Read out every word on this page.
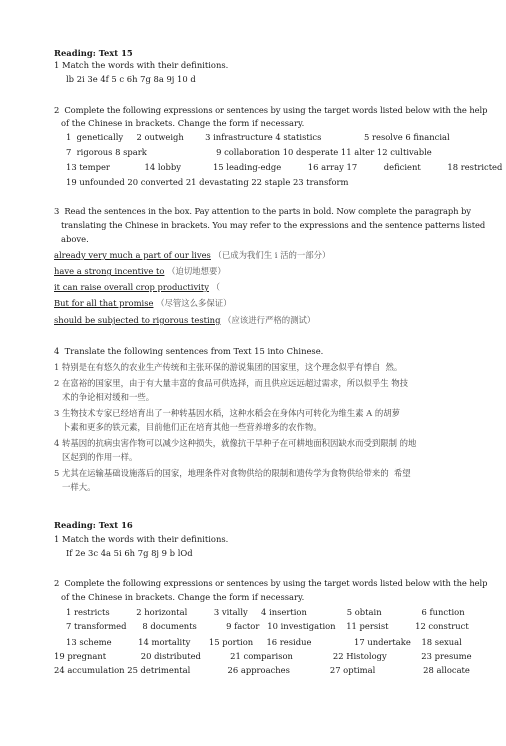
Reading: Text 15
1 Match the words with their definitions.
lb 2i 3e 4f 5 c 6h 7g 8a 9j 10 d
2  Complete the following expressions or sentences by using the target words listed below with the help
of the Chinese in brackets. Change the form if necessary.
1  genetically     2 outweigh        3 infrastructure 4 statistics                5 resolve 6 financial
7  rigorous 8 spark                          9 collaboration 10 desperate 11 alter 12 cultivable
13 temper             14 lobby            15 leading-edge          16 array 17          deficient          18 restricted
19 unfounded 20 converted 21 devastating 22 staple 23 transform
3  Read the sentences in the box. Pay attention to the parts in bold. Now complete the paragraph by
translating the Chinese in brackets. You may refer to the expressions and the sentence patterns listed
above.
already very much a part of our lives （已成为我们生 i 活的一部分）
have a strong incentive to （迫切地想要）
it can raise overall crop productivity （
But for all that promise （尽管这么多保证）
should be subjected to rigorous testing （应该进行严格的测试）
4  Translate the following sentences from Text 15 into Chinese.
1 特别是在有悠久的农业生产传统和主张环保的游说集团的国家里，这个理念似乎有悸自  然。
2 在富裕的国家里，由于有大量丰富的食品可供选择，而且供应远远超过需求，所以似乎生 物技
术的争论相对缓和一些。
3 生物技术专家已经培育出了一种转基因水稻，这种水稻会在身体内可转化为维生素 A 的胡萝
卜素和更多的铁元素，目前他们正在培育其他一些营养增多的农作物。
4 转基因的抗病虫害作物可以减少这种损失，就像抗干旱种子在可耕地面积因缺水而受到限制 的地
区起到的作用一样。
5 尤其在运输基础设施落后的国家，地理条件对食物供给的限制和遗传学为食物供给带来的  希望
一样大。
Reading: Text 16
1 Match the words with their definitions.
If 2e 3c 4a 5i 6h 7g 8j 9 b lOd
2  Complete the following expressions or sentences by using the target words listed below with the help
of the Chinese in brackets. Change the form if necessary.
1 restricts          2 horizontal          3 vitally     4 insertion               5 obtain               6 function
7 transformed      8 documents           9 factor   10 investigation    11 persist          12 construct
13 scheme          14 mortality       15 portion     16 residue                17 undertake    18 sexual
19 pregnant             20 distributed           21 comparison               22 Histology             23 presume
24 accumulation 25 detrimental              26 approaches               27 optimal                  28 allocate
